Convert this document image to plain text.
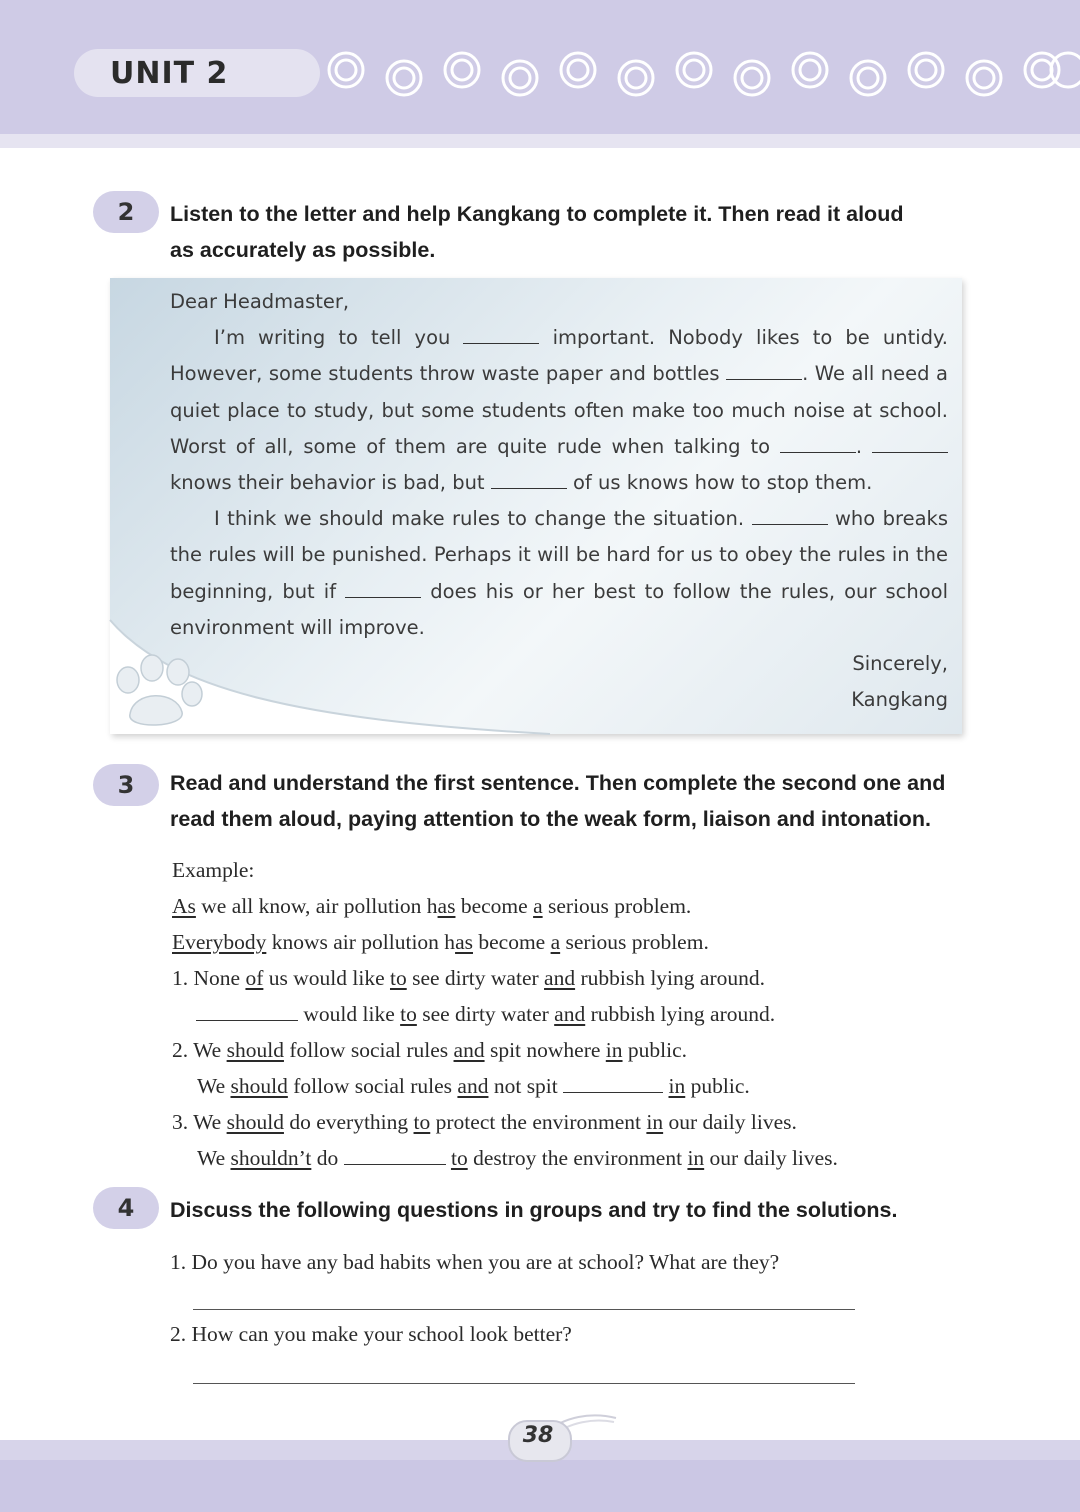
UNIT 2
2	Listen to the letter and help Kangkang to complete it. Then read it aloud
as accurately as possible.

Dear Headmaster,

I’m writing to tell you	important. Nobody likes to be untidy. However, some students throw waste paper and bottles	. We all need a quiet place to study, but some students often make too much noise at school. Worst of all, some of them are quite rude when talking to	.  knows their behavior is bad, but	of us knows how to stop them.

I think we should make rules to change the situation.	who breaks the rules will be punished. Perhaps it will be hard for us to obey the rules in the beginning, but if	does his or her best to follow the rules, our school environment will improve.

Sincerely,

Kangkang

3	Read and understand the first sentence. Then complete the second one and
read them aloud, paying attention to the weak form, liaison and intonation.
Example:
As we all know, air pollution has become a serious problem.
Everybody knows air pollution has become a serious problem.
1. None of us would like to see dirty water and rubbish lying around.
would like to see dirty water and rubbish lying around.
2. We should follow social rules and spit nowhere in public.
We should follow social rules and not spit	in public.
3. We should do everything to protect the environment in our daily lives.
We shouldn’t do	to destroy the environment in our daily lives.
4	Discuss the following questions in groups and try to find the solutions.
1. Do you have any bad habits when you are at school? What are they?
2. How can you make your school look better?
38
